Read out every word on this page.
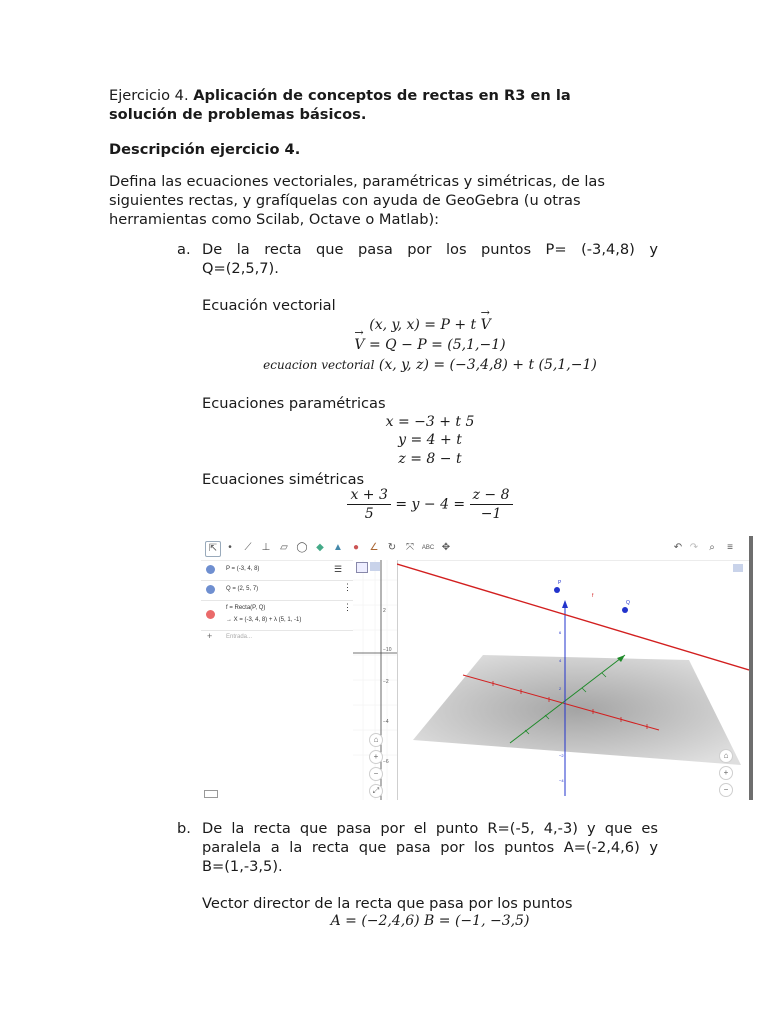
Ejercicio 4. Aplicación de conceptos de rectas en R3 en la
solución de problemas básicos.
Descripción ejercicio 4.
Defina las ecuaciones vectoriales, paramétricas y simétricas, de las
siguientes rectas, y grafíquelas con ayuda de GeoGebra (u otras
herramientas como Scilab, Octave o Matlab):
a. De la recta que pasa por los puntos P= (-3,4,8) y
Q=(2,5,7).
Ecuación vectorial
(x, y, x) = P + t → V
→ V = Q − P = (5,1,−1)
ecuacion vectorial (x, y, z) = (−3,4,8) + t (5,1,−1)
Ecuaciones paramétricas
x = −3 + t 5
y = 4 + t
z = 8 − t
Ecuaciones simétricas
$\frac{x + 3}{5} = y - 4 = \frac{z - 8}{-1}$
⇱	•	⟋	⊥ ▱ ◯ ◆ ▲	●	∠ ↻ ⤧	ABC ✥	↶ ↷	⌕	≡
P = (-3, 4, 8)	☰
Q = (2, 5, 7)	⋮
f = Recta(P, Q)
→ X = (-3, 4, 8) + λ (5, 1, -1)
⋮
+ Entrada...
2
−10
−2
−4
−6
⌂
+
−
⤢
P
Q
f
6
4
2
−2
−4
⌂
+
−
b. De la recta que pasa por el punto R=(-5, 4,-3) y que es
paralela a la recta que pasa por los puntos A=(-2,4,6) y
B=(1,-3,5).
Vector director de la recta que pasa por los puntos
A = (−2,4,6) B = (−1, −3,5)
